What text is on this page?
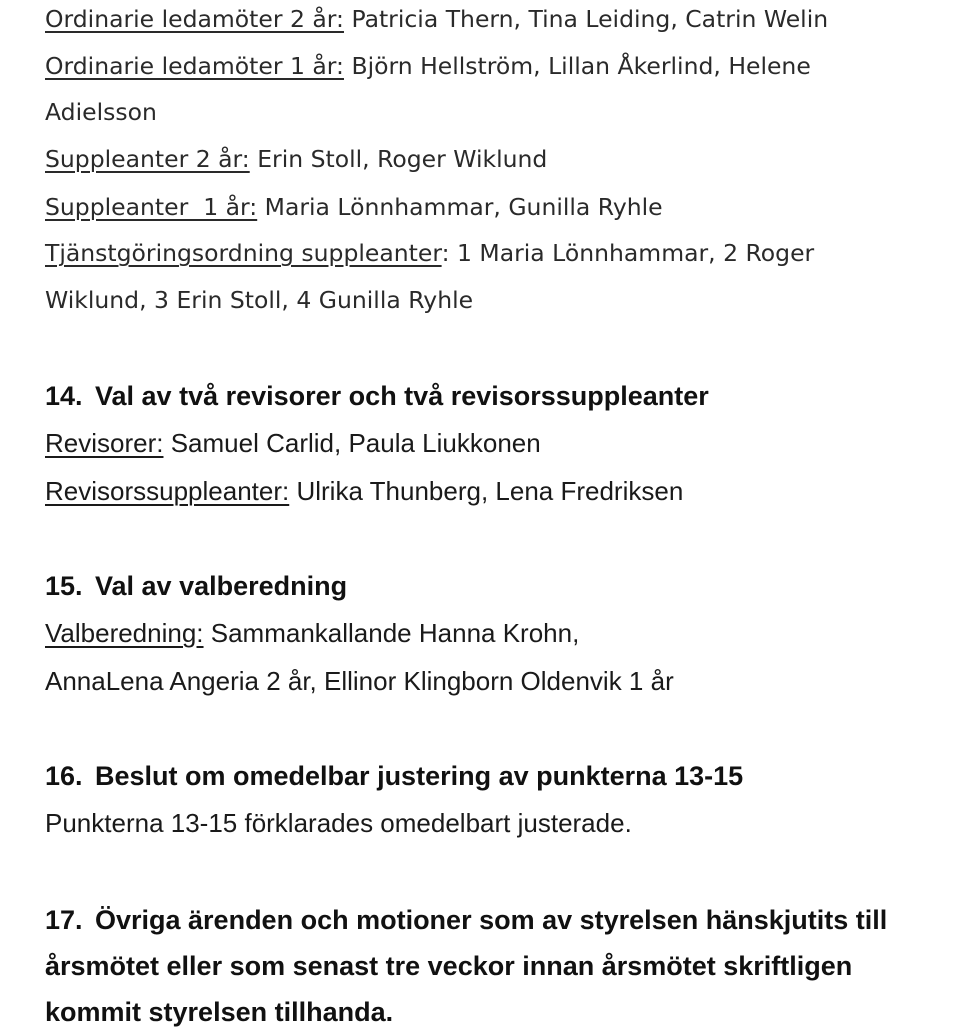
Ordinarie ledamöter 2 år: Patricia Thern, Tina Leiding, Catrin Welin

Ordinarie ledamöter 1 år: Björn Hellström, Lillan Åkerlind, Helene

Adielsson

Suppleanter 2 år: Erin Stoll, Roger Wiklund

Suppleanter  1 år: Maria Lönnhammar, Gunilla Ryhle

Tjänstgöringsordning suppleanter: 1 Maria Lönnhammar, 2 Roger

Wiklund, 3 Erin Stoll, 4 Gunilla Ryhle

14. Val av två revisorer och två revisorssuppleanter

Revisorer: Samuel Carlid, Paula Liukkonen

Revisorssuppleanter: Ulrika Thunberg, Lena Fredriksen

15. Val av valberedning

Valberedning: Sammankallande Hanna Krohn,

AnnaLena Angeria 2 år, Ellinor Klingborn Oldenvik 1 år

16. Beslut om omedelbar justering av punkterna 13-15

Punkterna 13-15 förklarades omedelbart justerade.

17. Övriga ärenden och motioner som av styrelsen hänskjutits till

årsmötet eller som senast tre veckor innan årsmötet skriftligen

kommit styrelsen tillhanda.
